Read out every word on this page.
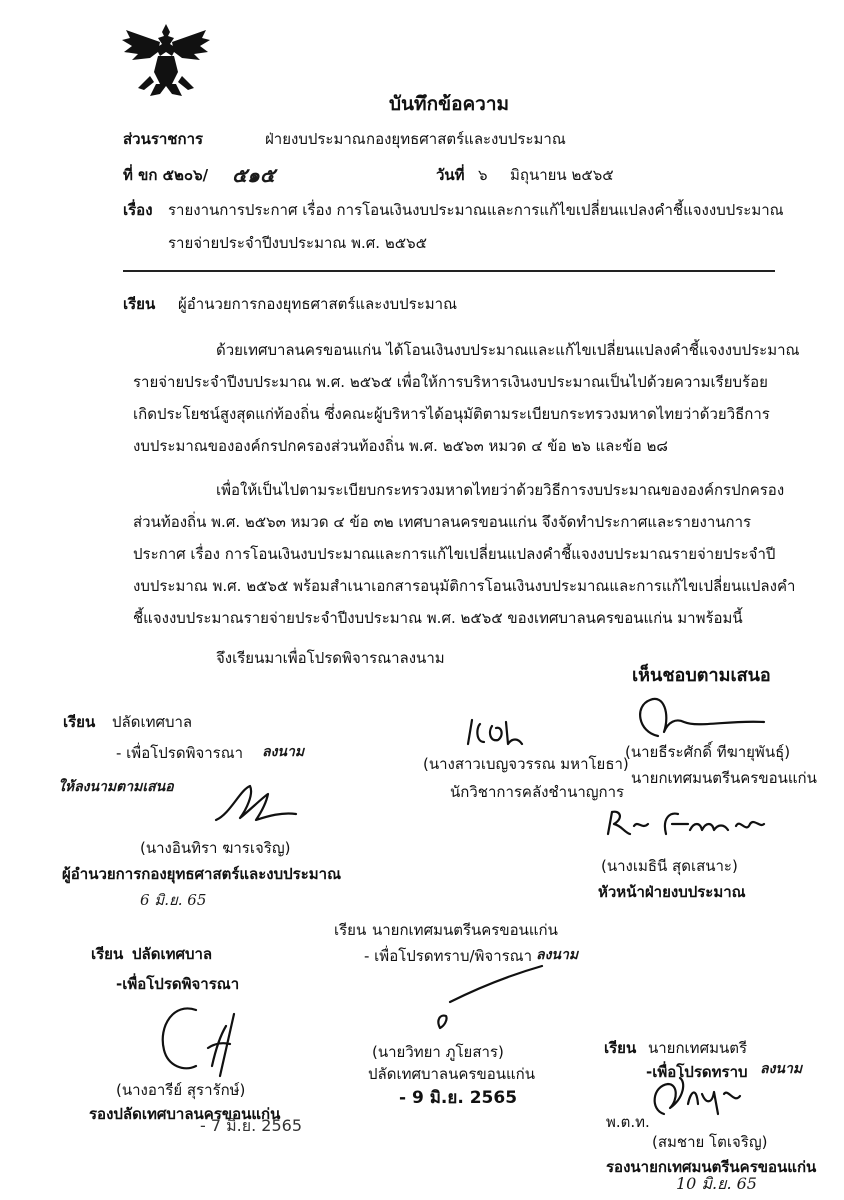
บันทึกข้อความ
ส่วนราชการ	ฝ่ายงบประมาณ กองยุทธศาสตร์และงบประมาณ
ที่ ขก ๕๒๐๖/ ๕๑๕	วันที่ ๖ มิถุนายน ๒๕๖๕
เรื่อง รายงานการประกาศ เรื่อง การโอนเงินงบประมาณและการแก้ไขเปลี่ยนแปลงคำชี้แจงงบประมาณ
รายจ่ายประจำปีงบประมาณ พ.ศ. ๒๕๖๕
เรียน ผู้อำนวยการกองยุทธศาสตร์และงบประมาณ
ด้วยเทศบาลนครขอนแก่น ได้โอนเงินงบประมาณและแก้ไขเปลี่ยนแปลงคำชี้แจงงบประมาณ
รายจ่ายประจำปีงบประมาณ พ.ศ. ๒๕๖๕ เพื่อให้การบริหารเงินงบประมาณเป็นไปด้วยความเรียบร้อย
เกิดประโยชน์สูงสุดแก่ท้องถิ่น ซึ่งคณะผู้บริหารได้อนุมัติตามระเบียบกระทรวงมหาดไทยว่าด้วยวิธีการ
งบประมาณขององค์กรปกครองส่วนท้องถิ่น พ.ศ. ๒๕๖๓ หมวด ๔ ข้อ ๒๖ และข้อ ๒๘
เพื่อให้เป็นไปตามระเบียบกระทรวงมหาดไทยว่าด้วยวิธีการงบประมาณขององค์กรปกครอง
ส่วนท้องถิ่น พ.ศ. ๒๕๖๓ หมวด ๔ ข้อ ๓๒ เทศบาลนครขอนแก่น จึงจัดทำประกาศและรายงานการ
ประกาศ เรื่อง การโอนเงินงบประมาณและการแก้ไขเปลี่ยนแปลงคำชี้แจงงบประมาณรายจ่ายประจำปี
งบประมาณ พ.ศ. ๒๕๖๕ พร้อมสำเนาเอกสารอนุมัติการโอนเงินงบประมาณและการแก้ไขเปลี่ยนแปลงคำ
ชี้แจงงบประมาณรายจ่ายประจำปีงบประมาณ พ.ศ. ๒๕๖๕ ของเทศบาลนครขอนแก่น มาพร้อมนี้
จึงเรียนมาเพื่อโปรดพิจารณาลงนาม
เห็นชอบตามเสนอ
เรียน ปลัดเทศบาล
- เพื่อโปรดพิจารณา ลงนาม
ให้ลงนามตามเสนอ
(นางอินทิรา ฆารเจริญ)
ผู้อำนวยการกองยุทธศาสตร์และงบประมาณ
6 มิ.ย. 65
(นางสาวเบญจวรรณ มหาโยธา)
นักวิชาการคลังชำนาญการ
(นายธีระศักดิ์ ทีฆายุพันธุ์)
นายกเทศมนตรีนครขอนแก่น
(นางเมธินี สุดเสนาะ)
หัวหน้าฝ่ายงบประมาณ
เรียน นายกเทศมนตรีนครขอนแก่น
- เพื่อโปรดทราบ/พิจารณา ลงนาม
(นายวิทยา ภูโยสาร)
ปลัดเทศบาลนครขอนแก่น
- 9 มิ.ย. 2565
เรียน ปลัดเทศบาล
-เพื่อโปรดพิจารณา
(นางอารีย์ สุรารักษ์)
รองปลัดเทศบาลนครขอนแก่น
- 7 มิ.ย. 2565
เรียน นายกเทศมนตรี
-เพื่อโปรดทราบ ลงนาม
พ.ต.ท.
(สมชาย โตเจริญ)
รองนายกเทศมนตรีนครขอนแก่น
10 มิ.ย. 65
